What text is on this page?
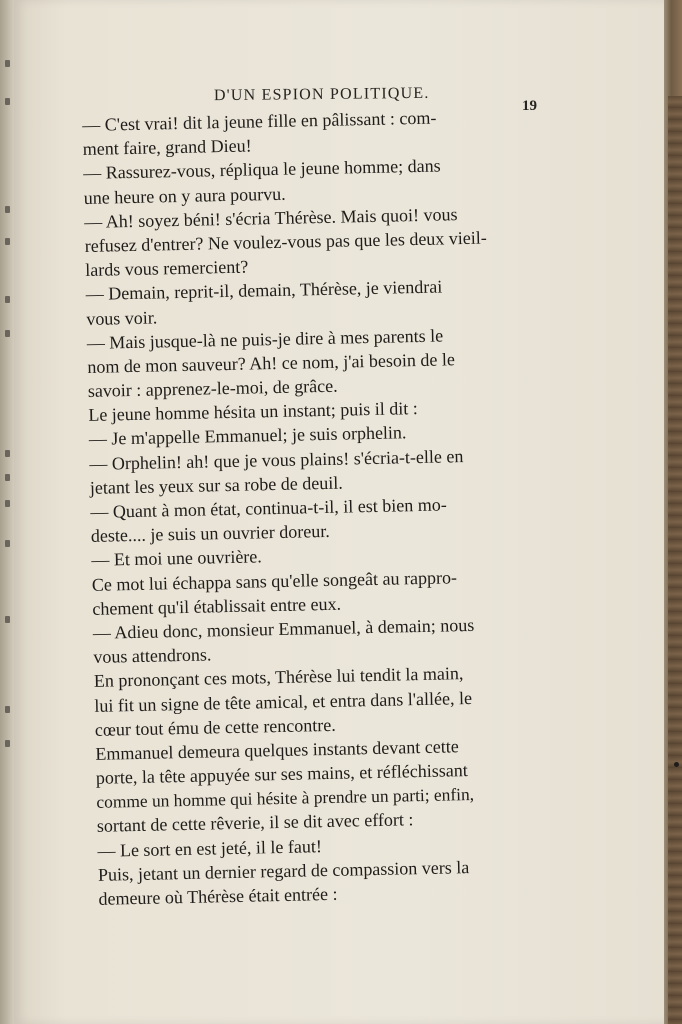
D'UN ESPION POLITIQUE.
19
— C'est vrai! dit la jeune fille en pâlissant : com-
ment faire, grand Dieu!
— Rassurez-vous, répliqua le jeune homme; dans
une heure on y aura pourvu.
— Ah! soyez béni! s'écria Thérèse. Mais quoi! vous
refusez d'entrer? Ne voulez-vous pas que les deux vieil-
lards vous remercient?
— Demain, reprit-il, demain, Thérèse, je viendrai
vous voir.
— Mais jusque-là ne puis-je dire à mes parents le
nom de mon sauveur? Ah! ce nom, j'ai besoin de le
savoir : apprenez-le-moi, de grâce.
Le jeune homme hésita un instant; puis il dit :
— Je m'appelle Emmanuel; je suis orphelin.
— Orphelin! ah! que je vous plains! s'écria-t-elle en
jetant les yeux sur sa robe de deuil.
— Quant à mon état, continua-t-il, il est bien mo-
deste.... je suis un ouvrier doreur.
— Et moi une ouvrière.
Ce mot lui échappa sans qu'elle songeât au rappro-
chement qu'il établissait entre eux.
— Adieu donc, monsieur Emmanuel, à demain; nous
vous attendrons.
En prononçant ces mots, Thérèse lui tendit la main,
lui fit un signe de tête amical, et entra dans l'allée, le
cœur tout ému de cette rencontre.
Emmanuel demeura quelques instants devant cette
porte, la tête appuyée sur ses mains, et réfléchissant
comme un homme qui hésite à prendre un parti; enfin,
sortant de cette rêverie, il se dit avec effort :
— Le sort en est jeté, il le faut!
Puis, jetant un dernier regard de compassion vers la
demeure où Thérèse était entrée :
